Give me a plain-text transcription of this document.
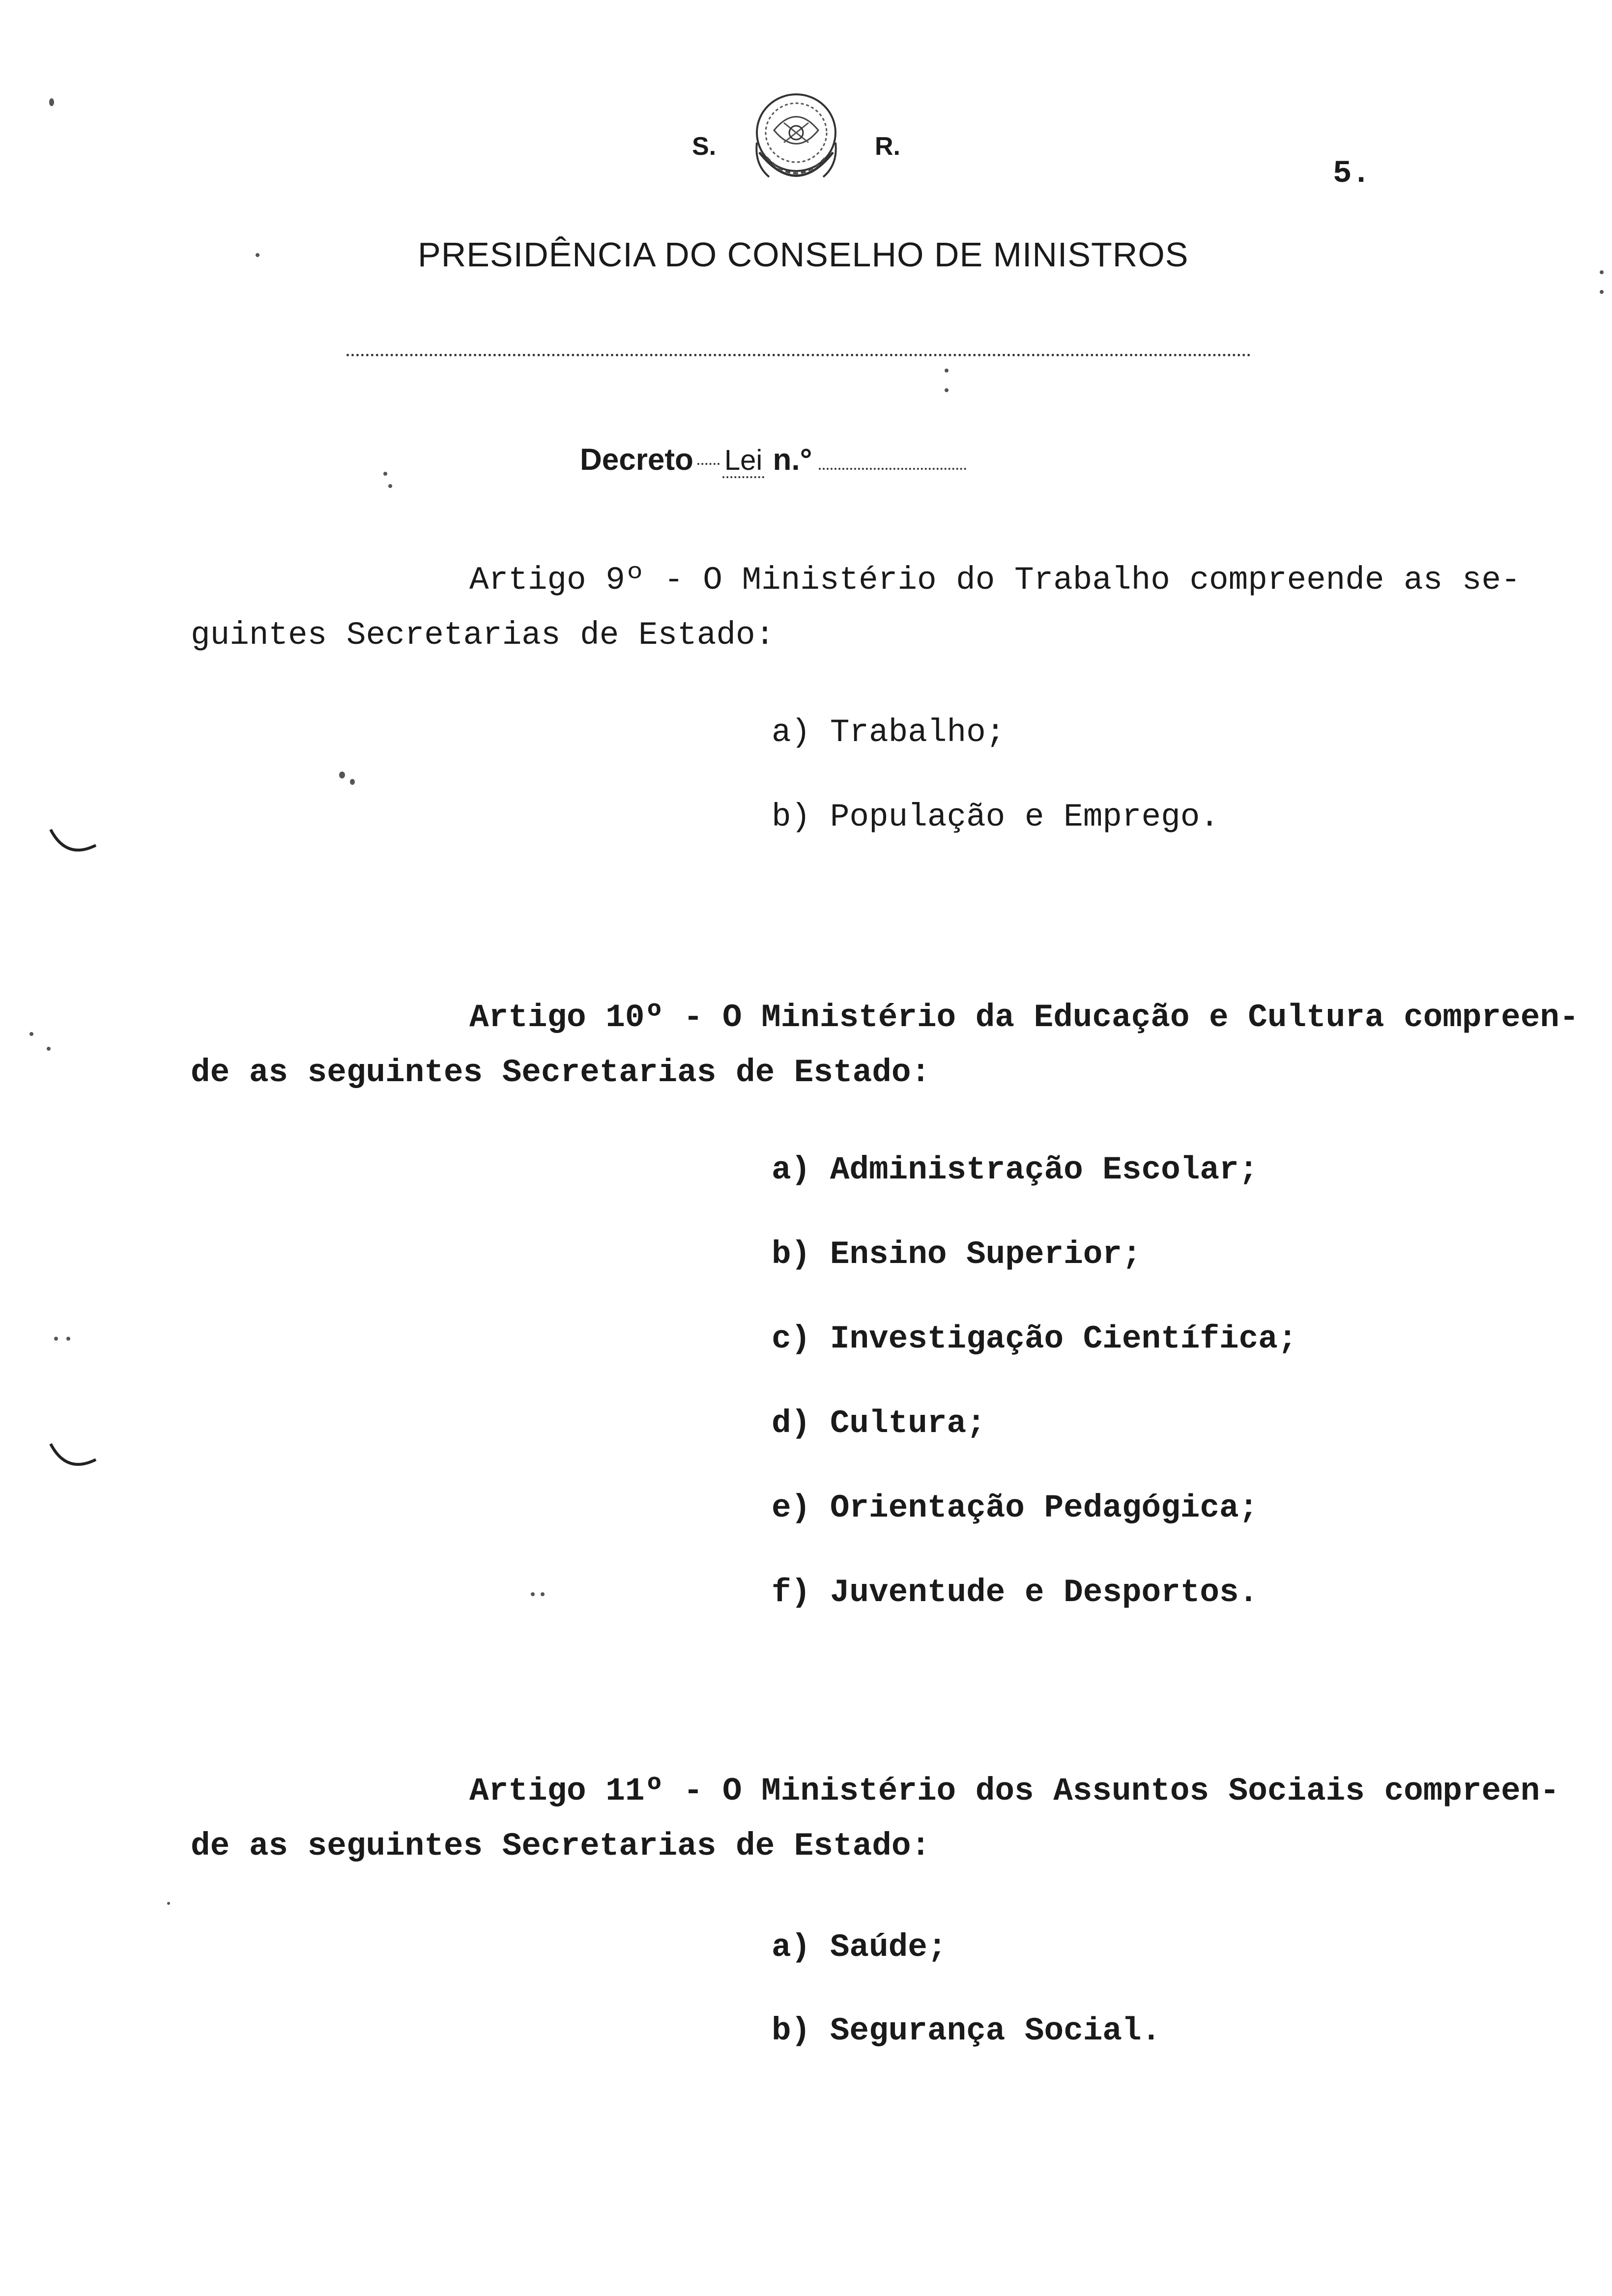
S.	R.
5.
PRESIDÊNCIA DO CONSELHO DE MINISTROS
Decreto Lei n.°
Artigo 9º - O Ministério do Trabalho compreende as se-
guintes Secretarias de Estado:
a) Trabalho;
b) População e Emprego.
Artigo 10º - O Ministério da Educação e Cultura compreen-
de as seguintes Secretarias de Estado:
a) Administração Escolar;
b) Ensino Superior;
c) Investigação Científica;
d) Cultura;
e) Orientação Pedagógica;
f) Juventude e Desportos.
Artigo 11º - O Ministério dos Assuntos Sociais compreen-
de as seguintes Secretarias de Estado:
a) Saúde;
b) Segurança Social.
